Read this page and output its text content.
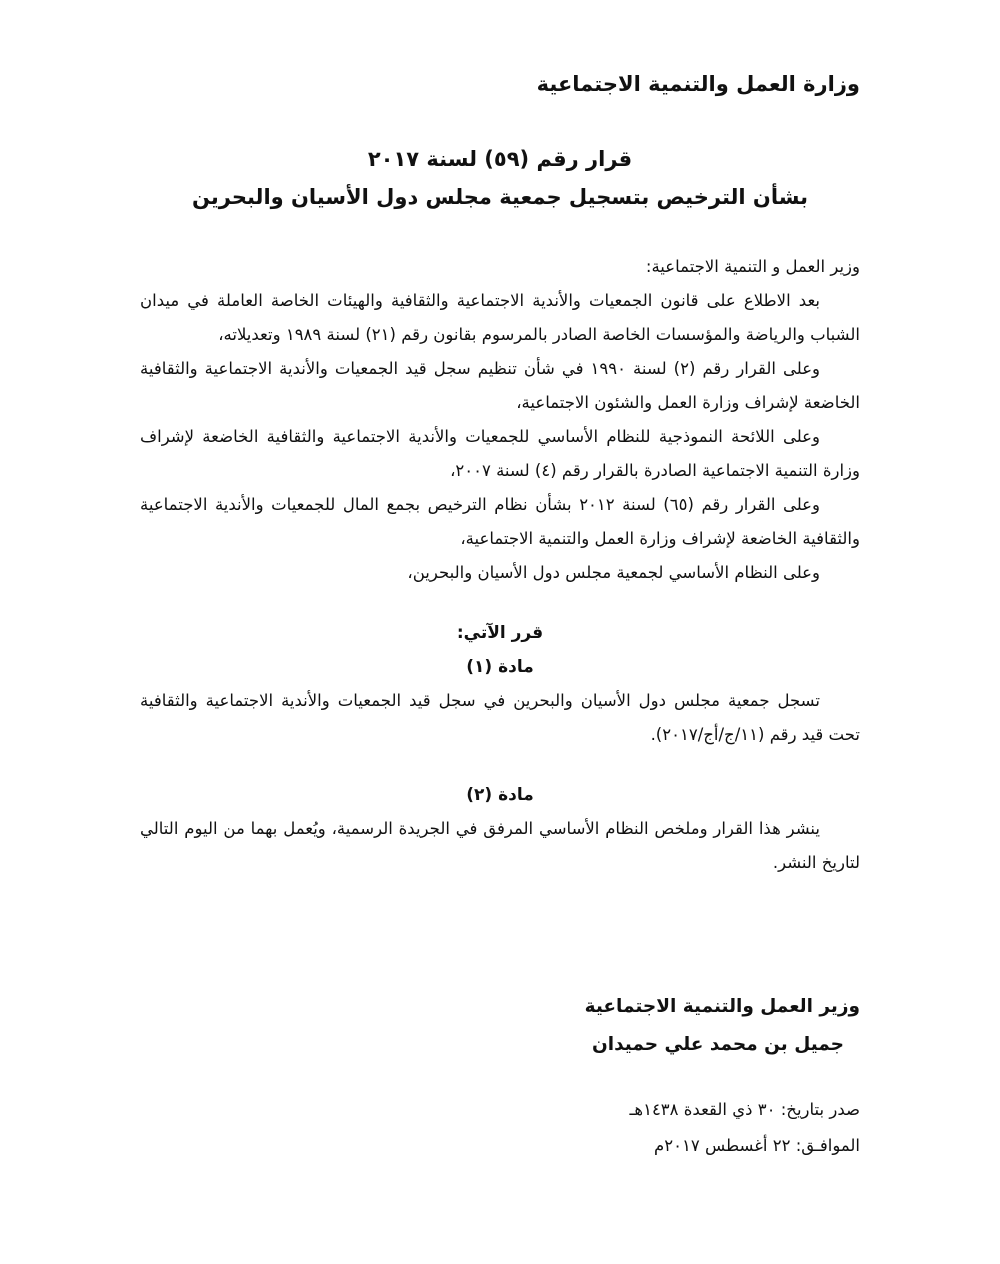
وزارة العمل والتنمية الاجتماعية
قرار رقم (٥٩) لسنة ٢٠١٧
بشأن الترخيص بتسجيل جمعية مجلس دول الأسيان والبحرين

وزير العمل و التنمية الاجتماعية:

بعد الاطلاع على قانون الجمعيات والأندية الاجتماعية والثقافية والهيئات الخاصة العاملة في ميدان الشباب والرياضة والمؤسسات الخاصة الصادر بالمرسوم بقانون رقم (٢١) لسنة ١٩٨٩ وتعديلاته،

وعلى القرار رقم (٢) لسنة ١٩٩٠ في شأن تنظيم سجل قيد الجمعيات والأندية الاجتماعية والثقافية الخاضعة لإشراف وزارة العمل والشئون الاجتماعية،

وعلى اللائحة النموذجية للنظام الأساسي للجمعيات والأندية الاجتماعية والثقافية الخاضعة لإشراف وزارة التنمية الاجتماعية الصادرة بالقرار رقم (٤) لسنة ٢٠٠٧،

وعلى القرار رقم (٦٥) لسنة ٢٠١٢ بشأن نظام الترخيص بجمع المال للجمعيات والأندية الاجتماعية والثقافية الخاضعة لإشراف وزارة العمل والتنمية الاجتماعية،

وعلى النظام الأساسي لجمعية مجلس دول الأسيان والبحرين،

قرر الآتي:

مادة (١)

تسجل جمعية مجلس دول الأسيان والبحرين في سجل قيد الجمعيات والأندية الاجتماعية والثقافية تحت قيد رقم (١١/ج/أج/٢٠١٧).

مادة (٢)

ينشر هذا القرار وملخص النظام الأساسي المرفق في الجريدة الرسمية، ويُعمل بهما من اليوم التالي لتاريخ النشر.

وزير العمل والتنمية الاجتماعية
جميل بن محمد علي حميدان
صدر بتاريخ: ٣٠ ذي القعدة ١٤٣٨هـ
الموافـق: ٢٢ أغسطس ٢٠١٧م
